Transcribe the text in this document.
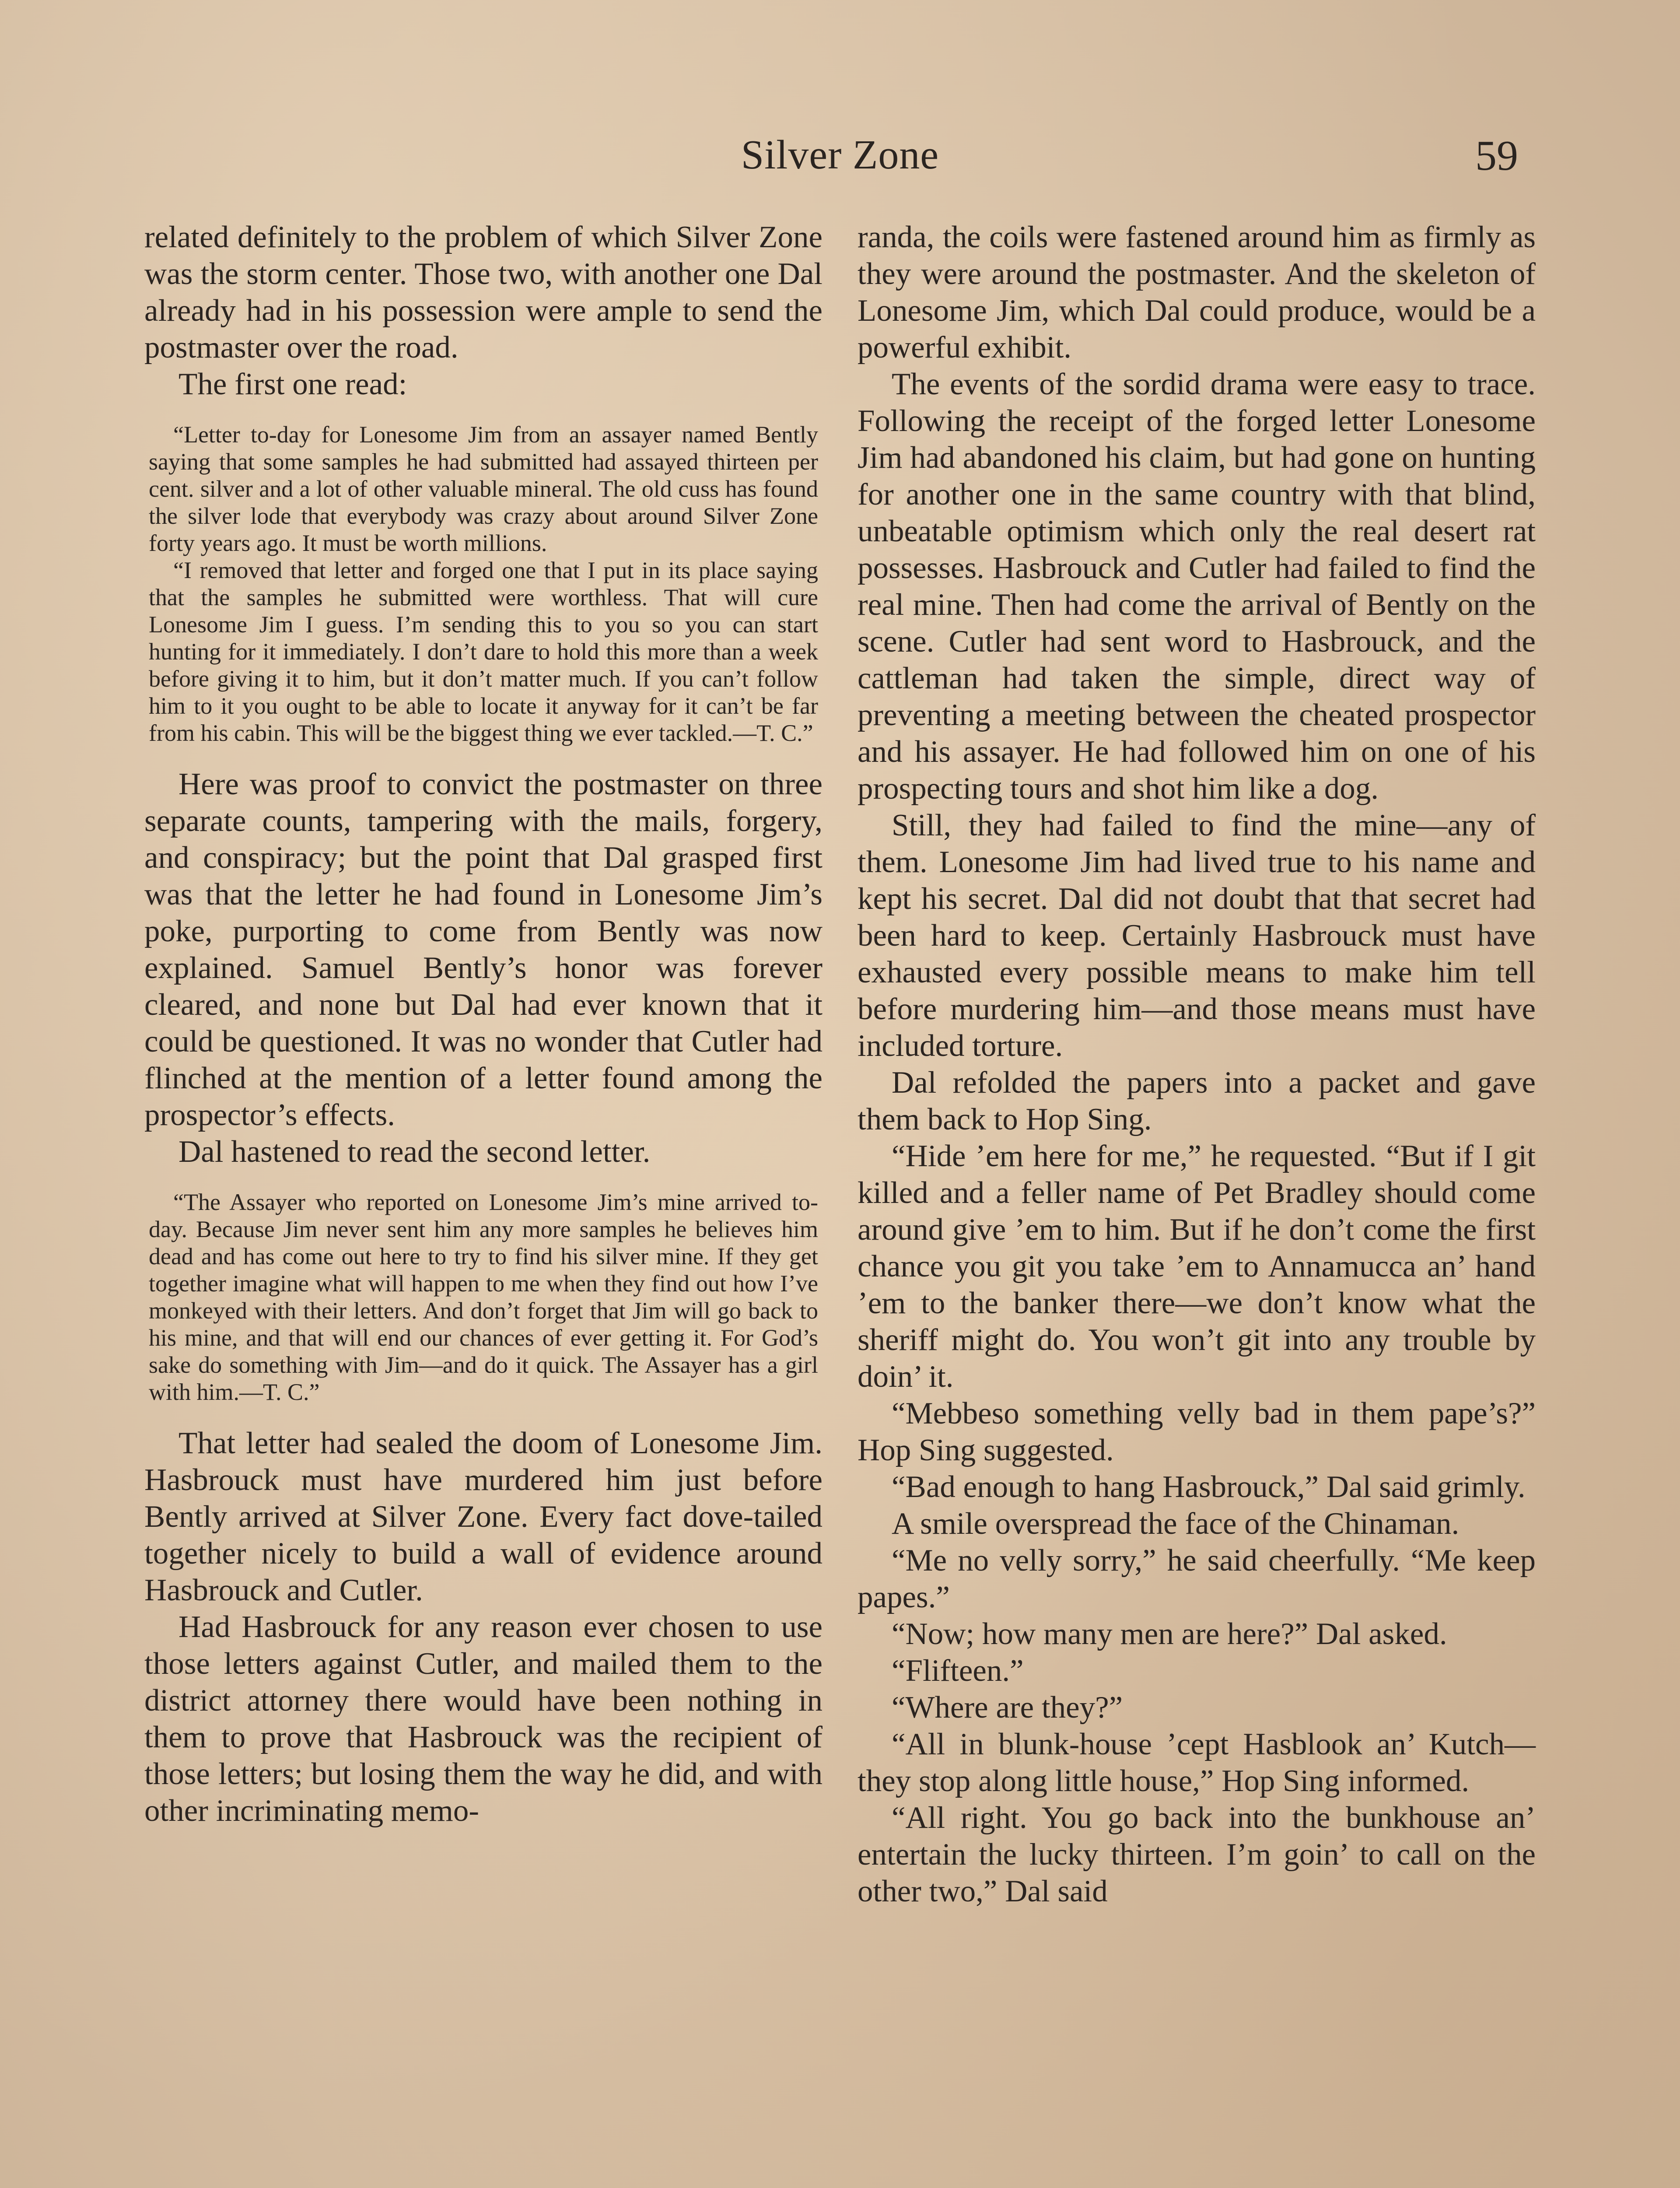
Silver Zone	59

related definitely to the problem of which Silver Zone was the storm center. Those two, with another one Dal already had in his possession were ample to send the postmaster over the road.

The first one read:

“Letter to-day for Lonesome Jim from an assayer named Bently saying that some samples he had submitted had assayed thirteen per cent. silver and a lot of other valuable mineral. The old cuss has found the silver lode that everybody was crazy about around Silver Zone forty years ago. It must be worth millions.

“I removed that letter and forged one that I put in its place saying that the samples he submitted were worthless. That will cure Lonesome Jim I guess. I’m sending this to you so you can start hunting for it immediately. I don’t dare to hold this more than a week before giving it to him, but it don’t matter much. If you can’t follow him to it you ought to be able to locate it anyway for it can’t be far from his cabin. This will be the biggest thing we ever tackled.—T. C.”

Here was proof to convict the postmaster on three separate counts, tampering with the mails, forgery, and conspiracy; but the point that Dal grasped first was that the letter he had found in Lonesome Jim’s poke, purporting to come from Bently was now explained. Samuel Bently’s honor was forever cleared, and none but Dal had ever known that it could be questioned. It was no wonder that Cutler had flinched at the mention of a letter found among the prospector’s effects.

Dal hastened to read the second letter.

“The Assayer who reported on Lonesome Jim’s mine arrived to-day. Because Jim never sent him any more samples he believes him dead and has come out here to try to find his silver mine. If they get together imagine what will happen to me when they find out how I’ve monkeyed with their letters. And don’t forget that Jim will go back to his mine, and that will end our chances of ever getting it. For God’s sake do something with Jim—and do it quick. The Assayer has a girl with him.—T. C.”

That letter had sealed the doom of Lonesome Jim. Hasbrouck must have murdered him just before Bently arrived at Silver Zone. Every fact dove-tailed together nicely to build a wall of evidence around Hasbrouck and Cutler.

Had Hasbrouck for any reason ever chosen to use those letters against Cutler, and mailed them to the district attorney there would have been nothing in them to prove that Hasbrouck was the recipient of those letters; but losing them the way he did, and with other incriminating memo-

randa, the coils were fastened around him as firmly as they were around the postmaster. And the skeleton of Lonesome Jim, which Dal could produce, would be a powerful exhibit.

The events of the sordid drama were easy to trace. Following the receipt of the forged letter Lonesome Jim had abandoned his claim, but had gone on hunting for another one in the same country with that blind, unbeatable optimism which only the real desert rat possesses. Hasbrouck and Cutler had failed to find the real mine. Then had come the arrival of Bently on the scene. Cutler had sent word to Hasbrouck, and the cattleman had taken the simple, direct way of preventing a meeting between the cheated prospector and his assayer. He had followed him on one of his prospecting tours and shot him like a dog.

Still, they had failed to find the mine—any of them. Lonesome Jim had lived true to his name and kept his secret. Dal did not doubt that that secret had been hard to keep. Certainly Hasbrouck must have exhausted every possible means to make him tell before murdering him—and those means must have included torture.

Dal refolded the papers into a packet and gave them back to Hop Sing.

“Hide ’em here for me,” he requested. “But if I git killed and a feller name of Pet Bradley should come around give ’em to him. But if he don’t come the first chance you git you take ’em to Annamucca an’ hand ’em to the banker there—we don’t know what the sheriff might do. You won’t git into any trouble by doin’ it.

“Mebbeso something velly bad in them pape’s?” Hop Sing suggested.

“Bad enough to hang Hasbrouck,” Dal said grimly.

A smile overspread the face of the Chinaman.

“Me no velly sorry,” he said cheerfully. “Me keep papes.”

“Now; how many men are here?” Dal asked.

“Flifteen.”

“Where are they?”

“All in blunk-house ’cept Hasblook an’ Kutch—they stop along little house,” Hop Sing informed.

“All right. You go back into the bunkhouse an’ entertain the lucky thirteen. I’m goin’ to call on the other two,” Dal said
